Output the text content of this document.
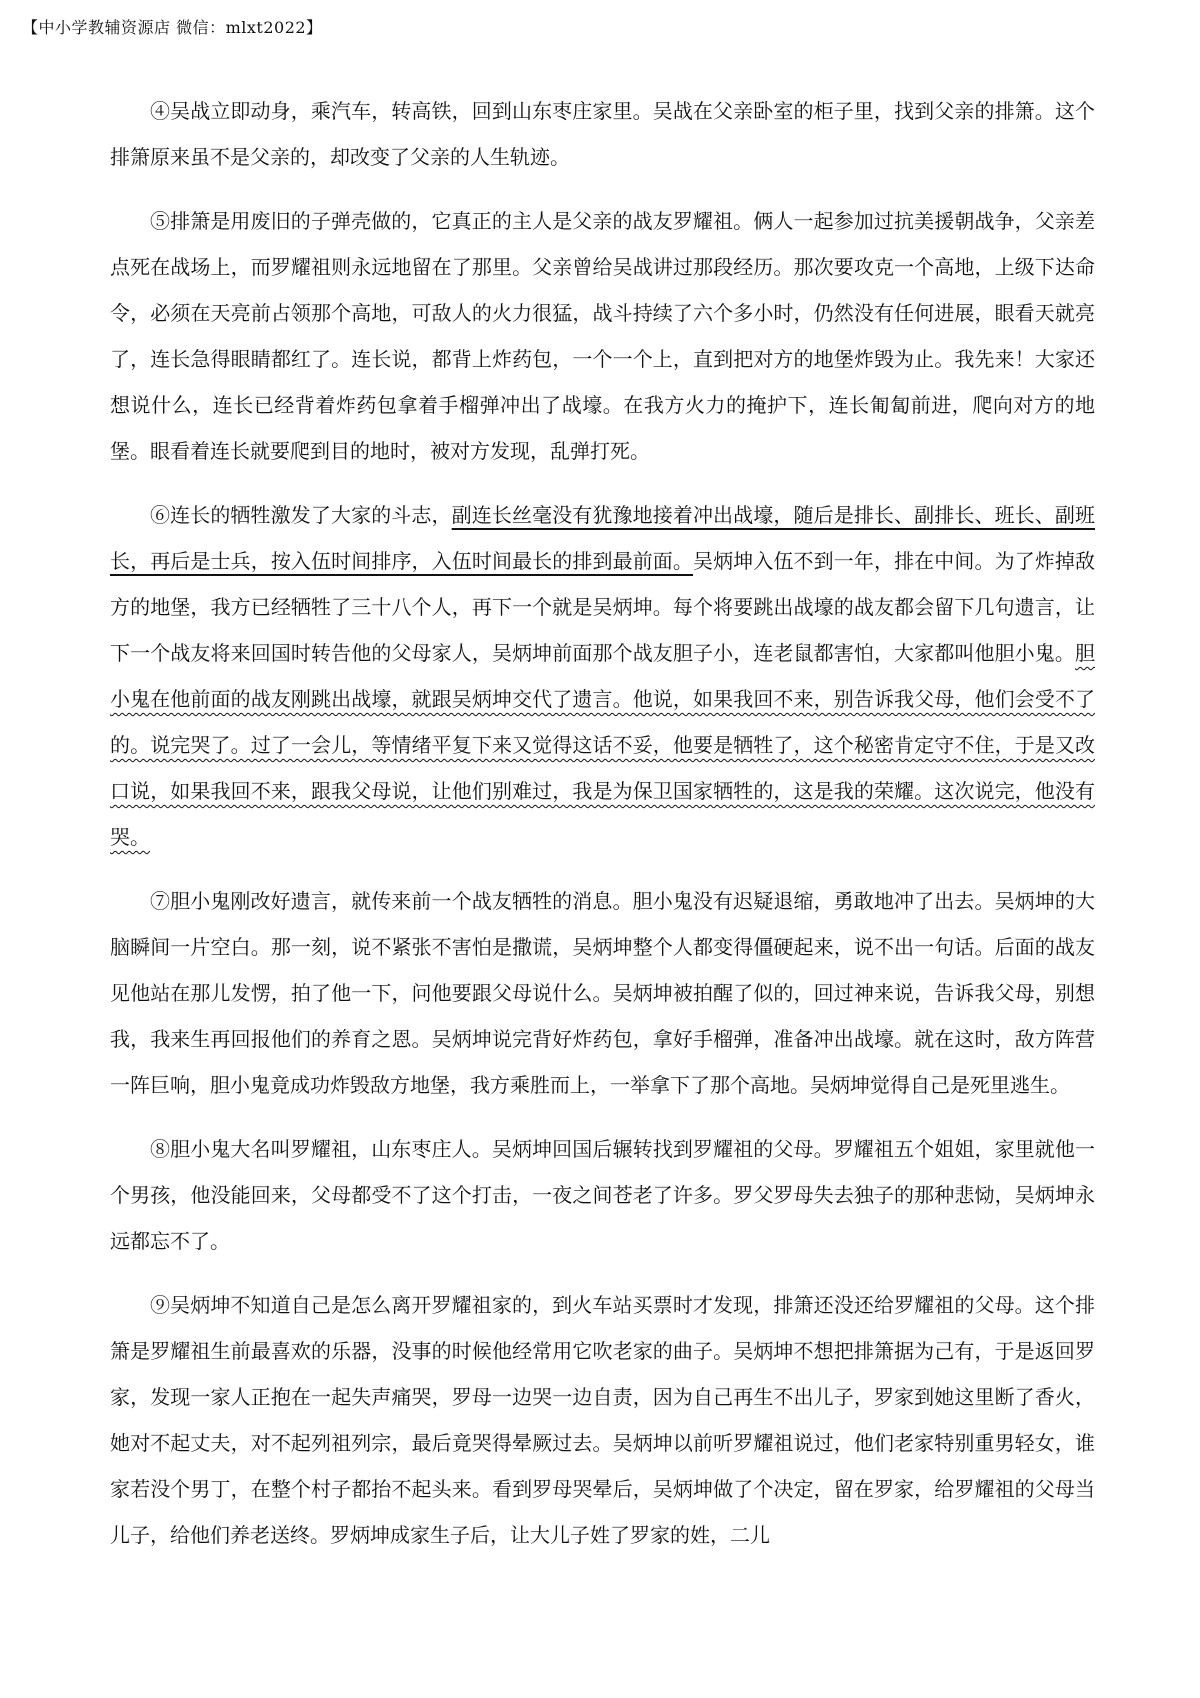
【中小学教辅资源店 微信：mlxt2022】

④吴战立即动身，乘汽车，转高铁，回到山东枣庄家里。吴战在父亲卧室的柜子里，找到父亲的排箫。这个排箫原来虽不是父亲的，却改变了父亲的人生轨迹。

⑤排箫是用废旧的子弹壳做的，它真正的主人是父亲的战友罗耀祖。俩人一起参加过抗美援朝战争，父亲差点死在战场上，而罗耀祖则永远地留在了那里。父亲曾给吴战讲过那段经历。那次要攻克一个高地，上级下达命令，必须在天亮前占领那个高地，可敌人的火力很猛，战斗持续了六个多小时，仍然没有任何进展，眼看天就亮了，连长急得眼睛都红了。连长说，都背上炸药包，一个一个上，直到把对方的地堡炸毁为止。我先来！大家还想说什么，连长已经背着炸药包拿着手榴弹冲出了战壕。在我方火力的掩护下，连长匍匐前进，爬向对方的地堡。眼看着连长就要爬到目的地时，被对方发现，乱弹打死。

⑥连长的牺牲激发了大家的斗志，副连长丝毫没有犹豫地接着冲出战壕，随后是排长、副排长、班长、副班长，再后是士兵，按入伍时间排序，入伍时间最长的排到最前面。吴炳坤入伍不到一年，排在中间。为了炸掉敌方的地堡，我方已经牺牲了三十八个人，再下一个就是吴炳坤。每个将要跳出战壕的战友都会留下几句遗言，让下一个战友将来回国时转告他的父母家人，吴炳坤前面那个战友胆子小，连老鼠都害怕，大家都叫他胆小鬼。胆小鬼在他前面的战友刚跳出战壕，就跟吴炳坤交代了遗言。他说，如果我回不来，别告诉我父母，他们会受不了的。说完哭了。过了一会儿，等情绪平复下来又觉得这话不妥，他要是牺牲了，这个秘密肯定守不住，于是又改口说，如果我回不来，跟我父母说，让他们别难过，我是为保卫国家牺牲的，这是我的荣耀。这次说完，他没有哭。

⑦胆小鬼刚改好遗言，就传来前一个战友牺牲的消息。胆小鬼没有迟疑退缩，勇敢地冲了出去。吴炳坤的大脑瞬间一片空白。那一刻，说不紧张不害怕是撒谎，吴炳坤整个人都变得僵硬起来，说不出一句话。后面的战友见他站在那儿发愣，拍了他一下，问他要跟父母说什么。吴炳坤被拍醒了似的，回过神来说，告诉我父母，别想我，我来生再回报他们的养育之恩。吴炳坤说完背好炸药包，拿好手榴弹，准备冲出战壕。就在这时，敌方阵营一阵巨响，胆小鬼竟成功炸毁敌方地堡，我方乘胜而上，一举拿下了那个高地。吴炳坤觉得自己是死里逃生。

⑧胆小鬼大名叫罗耀祖，山东枣庄人。吴炳坤回国后辗转找到罗耀祖的父母。罗耀祖五个姐姐，家里就他一个男孩，他没能回来，父母都受不了这个打击，一夜之间苍老了许多。罗父罗母失去独子的那种悲恸，吴炳坤永远都忘不了。

⑨吴炳坤不知道自己是怎么离开罗耀祖家的，到火车站买票时才发现，排箫还没还给罗耀祖的父母。这个排箫是罗耀祖生前最喜欢的乐器，没事的时候他经常用它吹老家的曲子。吴炳坤不想把排箫据为己有，于是返回罗家，发现一家人正抱在一起失声痛哭，罗母一边哭一边自责，因为自己再生不出儿子，罗家到她这里断了香火，她对不起丈夫，对不起列祖列宗，最后竟哭得晕厥过去。吴炳坤以前听罗耀祖说过，他们老家特别重男轻女，谁家若没个男丁，在整个村子都抬不起头来。看到罗母哭晕后，吴炳坤做了个决定，留在罗家，给罗耀祖的父母当儿子，给他们养老送终。罗炳坤成家生子后，让大儿子姓了罗家的姓，二儿
